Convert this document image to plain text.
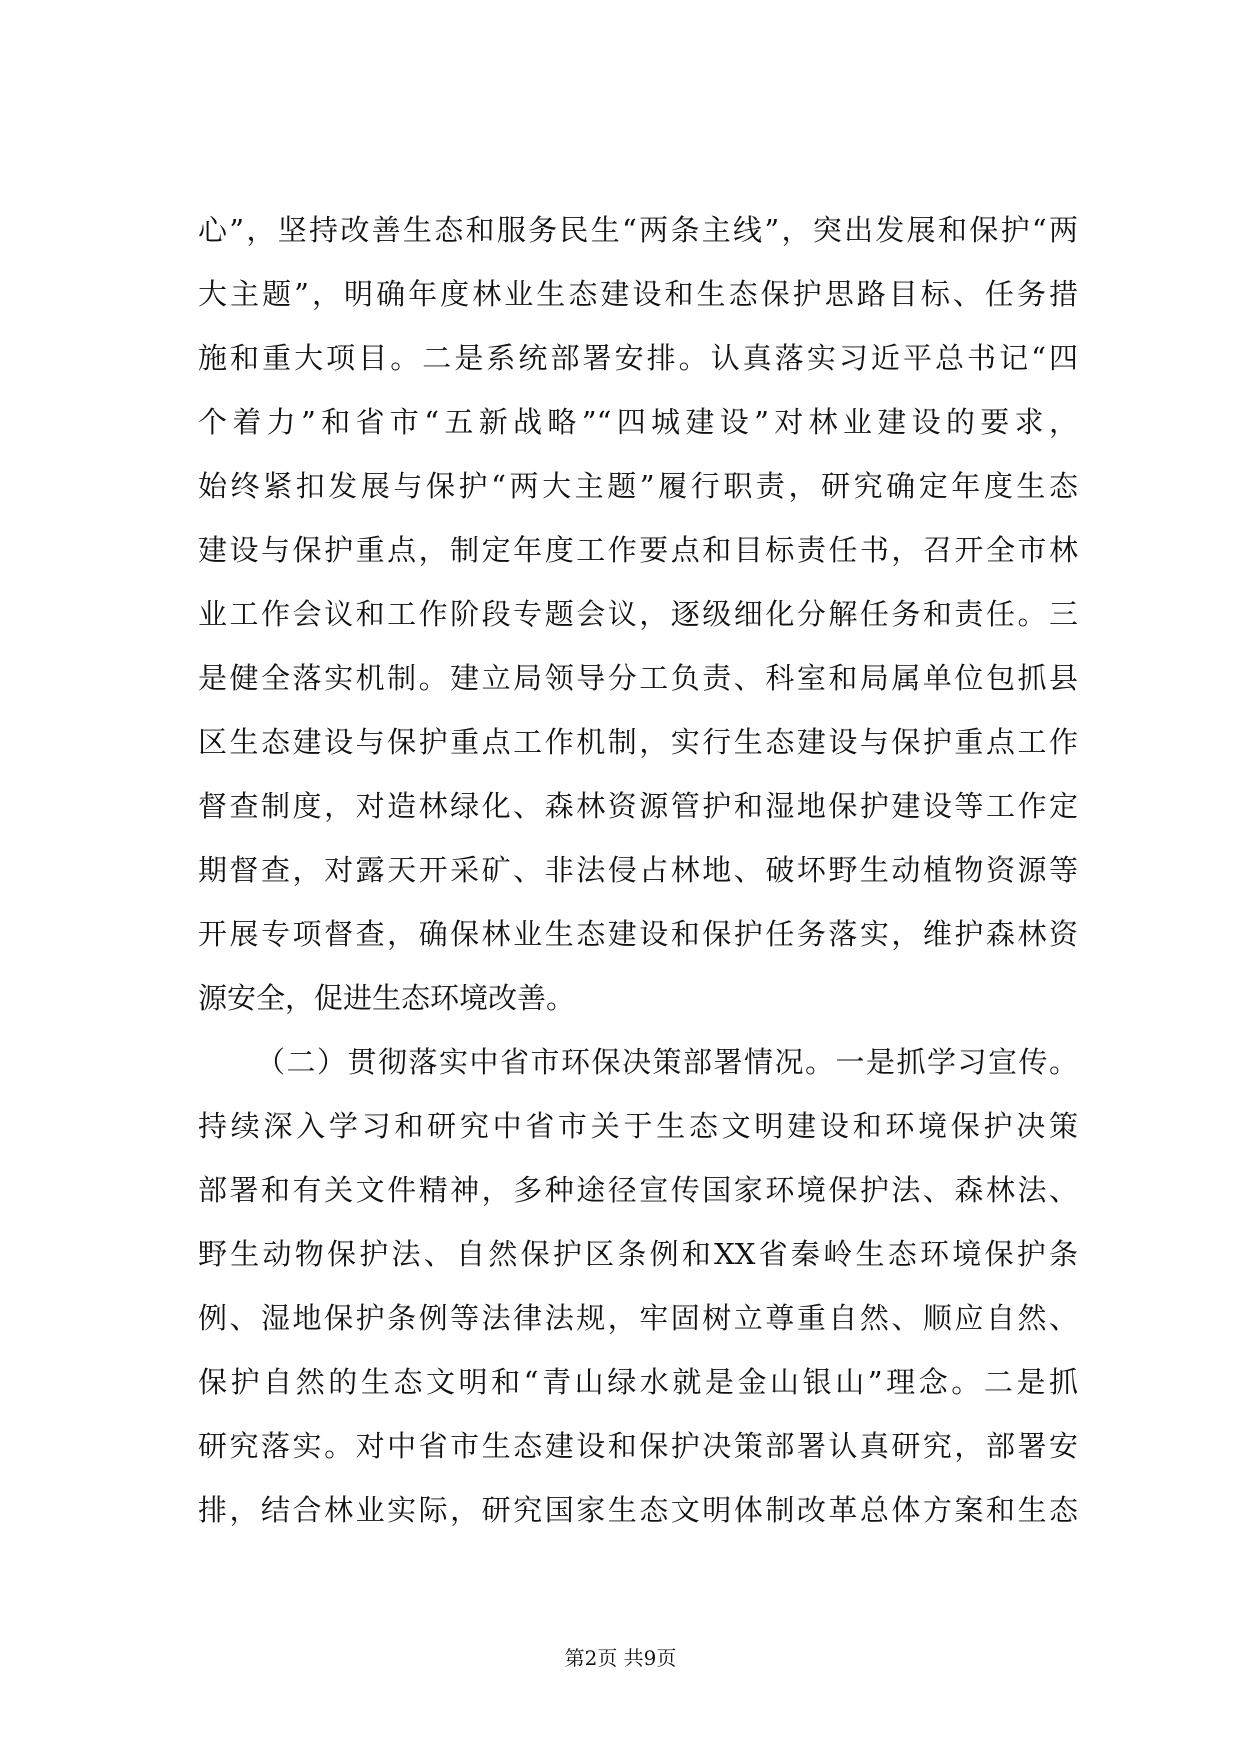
心”，坚持改善生态和服务民生“两条主线”，突出发展和保护“两
大主题”，明确年度林业生态建设和生态保护思路目标、任务措
施和重大项目。二是系统部署安排。认真落实习近平总书记“四
个着力”和省市“五新战略”“四城建设”对林业建设的要求，
始终紧扣发展与保护“两大主题”履行职责，研究确定年度生态
建设与保护重点，制定年度工作要点和目标责任书，召开全市林
业工作会议和工作阶段专题会议，逐级细化分解任务和责任。三
是健全落实机制。建立局领导分工负责、科室和局属单位包抓县
区生态建设与保护重点工作机制，实行生态建设与保护重点工作
督查制度，对造林绿化、森林资源管护和湿地保护建设等工作定
期督查，对露天开采矿、非法侵占林地、破坏野生动植物资源等
开展专项督查，确保林业生态建设和保护任务落实，维护森林资
源安全，促进生态环境改善。
（二）贯彻落实中省市环保决策部署情况。一是抓学习宣传。
持续深入学习和研究中省市关于生态文明建设和环境保护决策
部署和有关文件精神，多种途径宣传国家环境保护法、森林法、
野生动物保护法、自然保护区条例和XX省秦岭生态环境保护条
例、湿地保护条例等法律法规，牢固树立尊重自然、顺应自然、
保护自然的生态文明和“青山绿水就是金山银山”理念。二是抓
研究落实。对中省市生态建设和保护决策部署认真研究，部署安
排，结合林业实际，研究国家生态文明体制改革总体方案和生态
第2页 共9页
